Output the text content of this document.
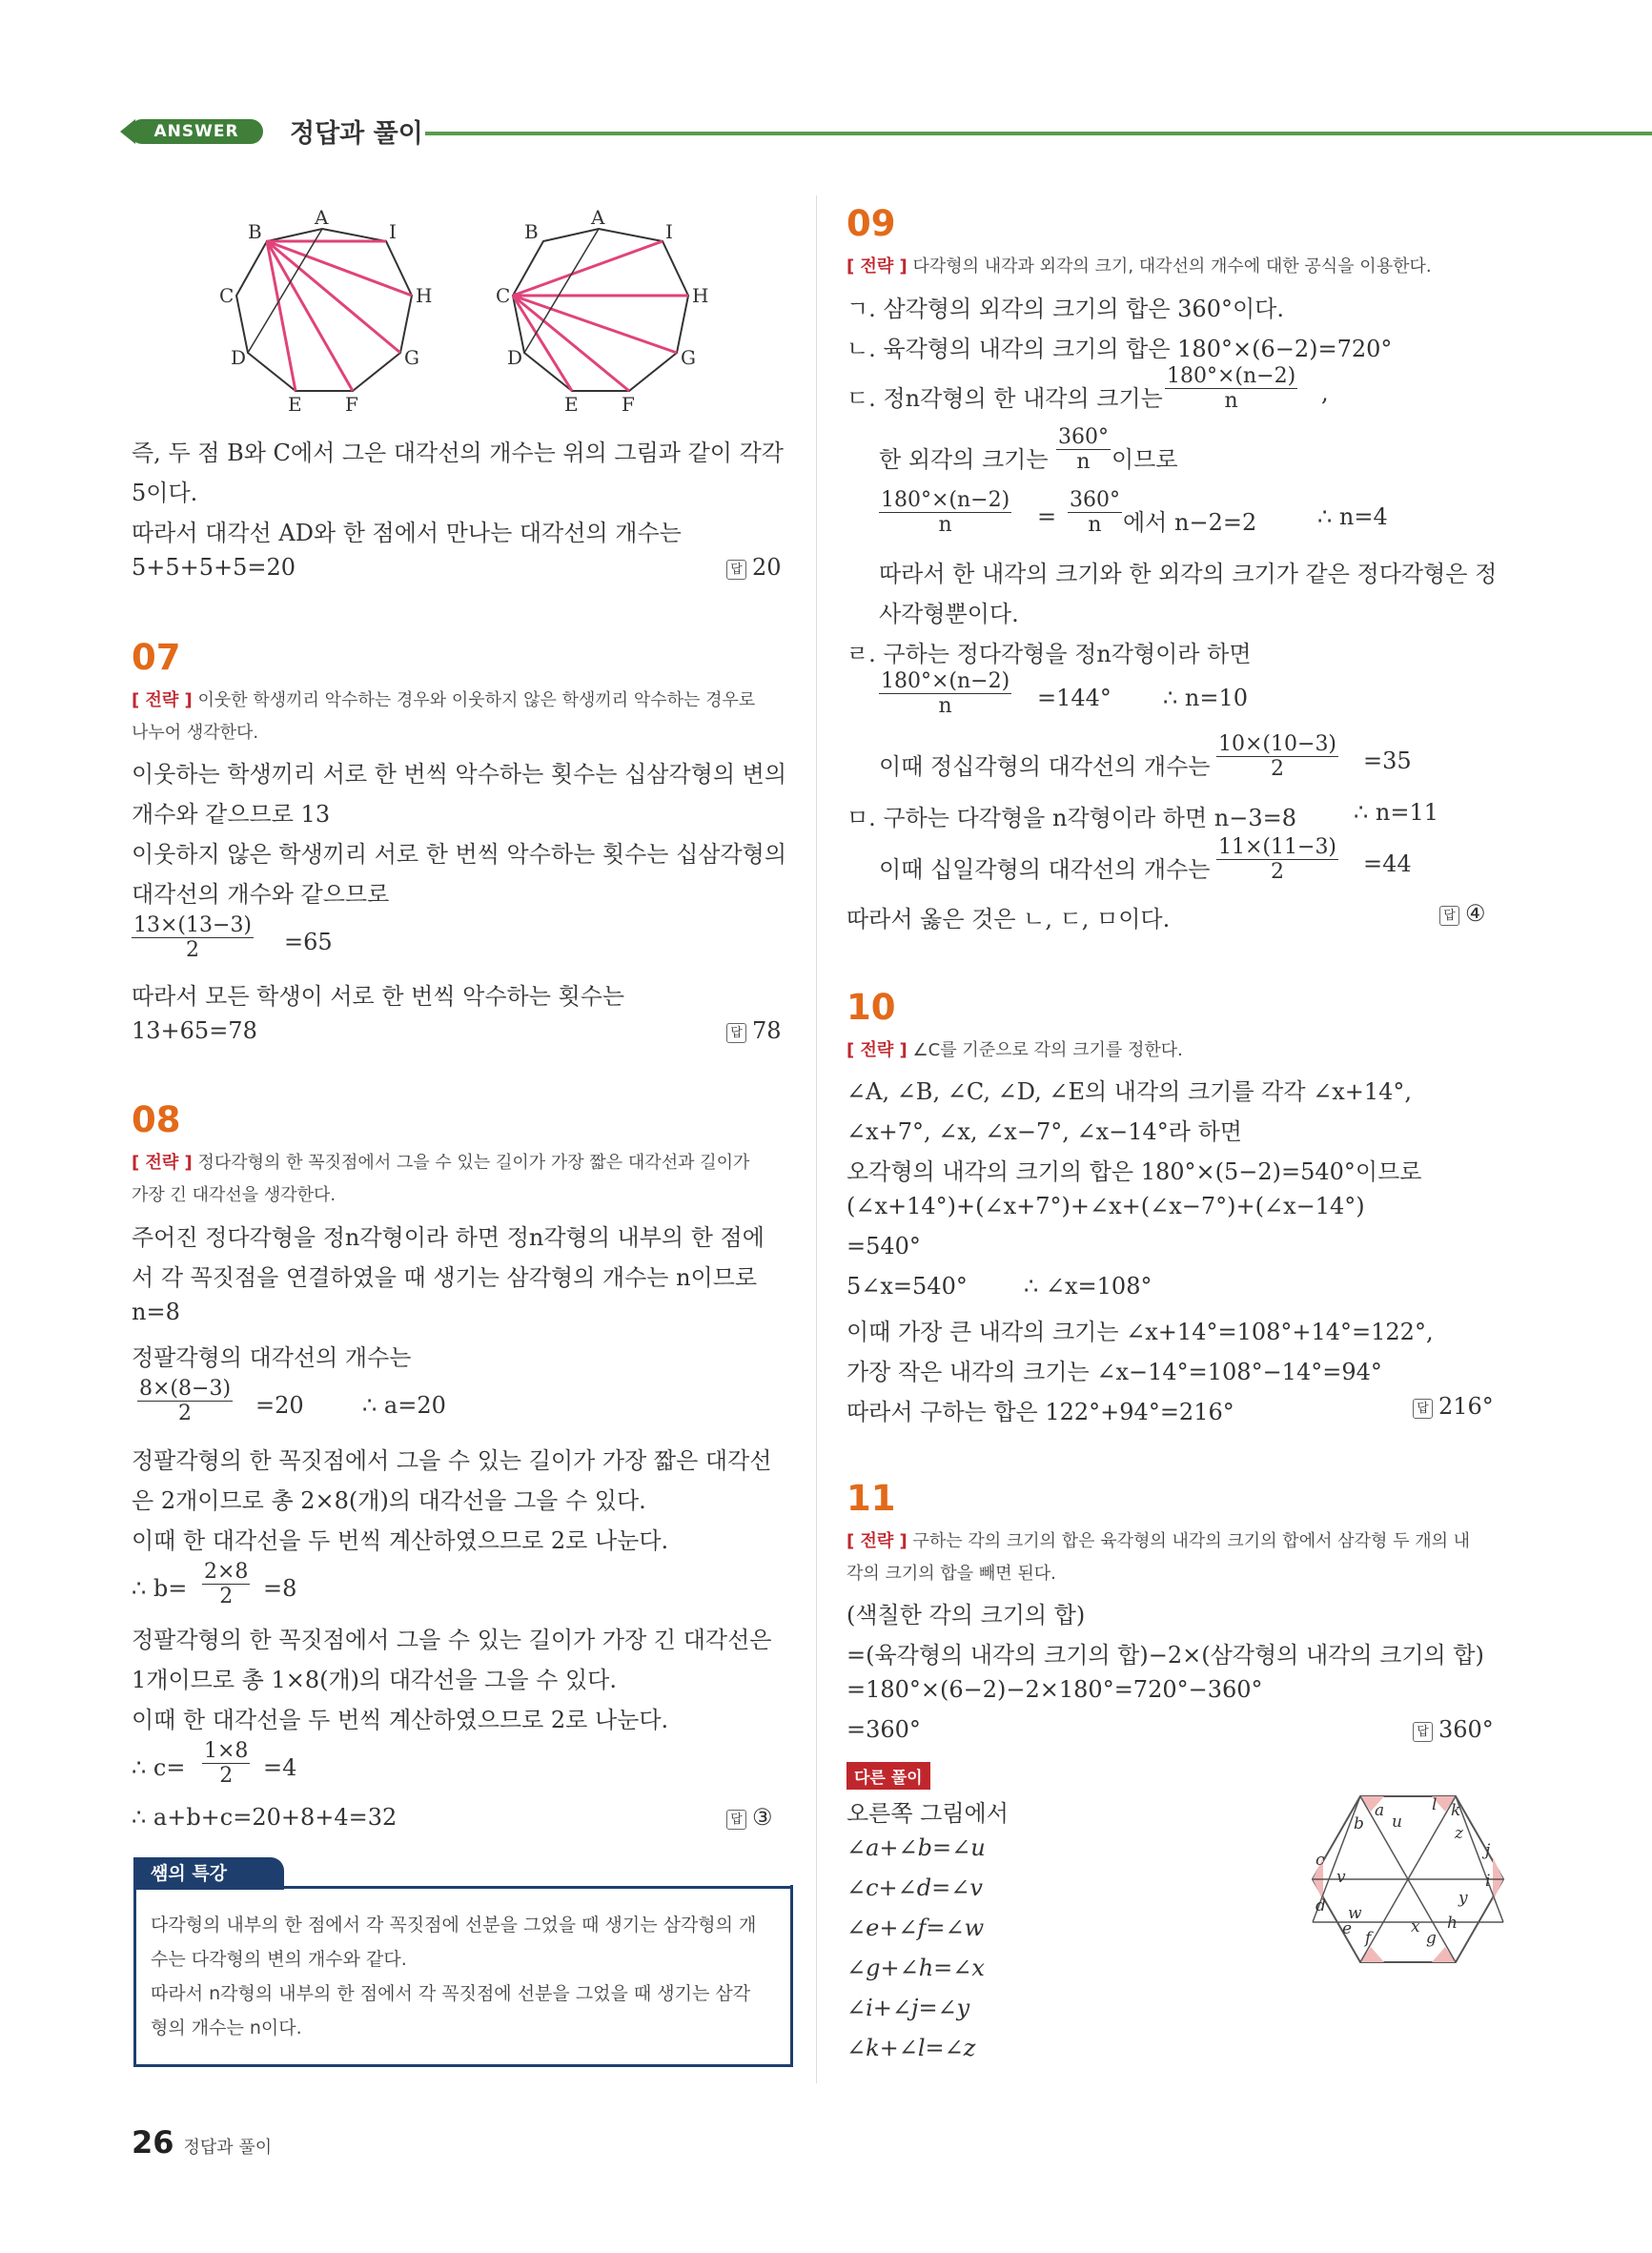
ANSWER	정답과 풀이
A
I
H
G
F
E
D
C
B
A
I
H
G
F
E
D
C
B
즉, 두 점 B와 C에서 그은 대각선의 개수는 위의 그림과 같이 각각
5이다.
따라서 대각선 AD와 한 점에서 만나는 대각선의 개수는
5+5+5+5=20	답 20
07
[ 전략 ] 이웃한 학생끼리 악수하는 경우와 이웃하지 않은 학생끼리 악수하는 경우로
나누어 생각한다.
이웃하는 학생끼리 서로 한 번씩 악수하는 횟수는 십삼각형의 변의
개수와 같으므로 13
이웃하지 않은 학생끼리 서로 한 번씩 악수하는 횟수는 십삼각형의
대각선의 개수와 같으므로
$\frac{13\times(13-3)}{2} =65$
따라서 모든 학생이 서로 한 번씩 악수하는 횟수는
13+65=78	답 78
08
[ 전략 ] 정다각형의 한 꼭짓점에서 그을 수 있는 길이가 가장 짧은 대각선과 길이가
가장 긴 대각선을 생각한다.
주어진 정다각형을 정n각형이라 하면 정n각형의 내부의 한 점에
서 각 꼭짓점을 연결하였을 때 생기는 삼각형의 개수는 n이므로
n=8
정팔각형의 대각선의 개수는
$\frac{8\times(8-3)}{2} =20$	∴ a=20
정팔각형의 한 꼭짓점에서 그을 수 있는 길이가 가장 짧은 대각선
은 2개이므로 총 2×8(개)의 대각선을 그을 수 있다.
이때 한 대각선을 두 번씩 계산하였으므로 2로 나눈다.
∴ $b= \frac{2\times 8}{2} =8$
정팔각형의 한 꼭짓점에서 그을 수 있는 길이가 가장 긴 대각선은
1개이므로 총 1×8(개)의 대각선을 그을 수 있다.
이때 한 대각선을 두 번씩 계산하였으므로 2로 나눈다.
∴ $c= \frac{1\times 8}{2} =4$
∴ a+b+c=20+8+4=32	답 ③
쌤의 특강
다각형의 내부의 한 점에서 각 꼭짓점에 선분을 그었을 때 생기는 삼각형의 개
수는 다각형의 변의 개수와 같다.
따라서 n각형의 내부의 한 점에서 각 꼭짓점에 선분을 그었을 때 생기는 삼각
형의 개수는 n이다.
09
[ 전략 ] 다각형의 내각과 외각의 크기, 대각선의 개수에 대한 공식을 이용한다.
ㄱ. 삼각형의 외각의 크기의 합은 360°이다.
ㄴ. 육각형의 내각의 크기의 합은 180°×(6−2)=720°
ㄷ. 정n각형의 한 내각의 크기는 $\frac{180^\circ\times(n-2)}{n}$ ,
한 외각의 크기는 $\frac{360^\circ}{n}$ 이므로
$\frac{180^\circ\times(n-2)}{n} = \frac{360^\circ}{n}$ 에서 n−2=2	∴ n=4
따라서 한 내각의 크기와 한 외각의 크기가 같은 정다각형은 정
사각형뿐이다.
ㄹ. 구하는 정다각형을 정n각형이라 하면
$\frac{180^\circ\times(n-2)}{n} =144^\circ$ ∴ n=10
이때 정십각형의 대각선의 개수는 $\frac{10\times(10-3)}{2} =35$
ㅁ. 구하는 다각형을 n각형이라 하면 n−3=8 ∴ n=11
이때 십일각형의 대각선의 개수는 $\frac{11\times(11-3)}{2} =44$
따라서 옳은 것은 ㄴ, ㄷ, ㅁ이다.	답 ④
10
[ 전략 ] ∠C를 기준으로 각의 크기를 정한다.
∠A, ∠B, ∠C, ∠D, ∠E의 내각의 크기를 각각 ∠x+14°,
∠x+7°, ∠x, ∠x−7°, ∠x−14°라 하면
오각형의 내각의 크기의 합은 180°×(5−2)=540°이므로
(∠x+14°)+(∠x+7°)+∠x+(∠x−7°)+(∠x−14°)
=540°
5∠x=540° ∴ ∠x=108°
이때 가장 큰 내각의 크기는 ∠x+14°=108°+14°=122°,
가장 작은 내각의 크기는 ∠x−14°=108°−14°=94°
따라서 구하는 합은 122°+94°=216°	답 216°
11
[ 전략 ] 구하는 각의 크기의 합은 육각형의 내각의 크기의 합에서 삼각형 두 개의 내
각의 크기의 합을 빼면 된다.
(색칠한 각의 크기의 합)
=(육각형의 내각의 크기의 합)−2×(삼각형의 내각의 크기의 합)
=180°×(6−2)−2×180°=720°−360°
=360°	답 360°
다른 풀이
오른쪽 그림에서
∠a+∠b=∠u
∠c+∠d=∠v
∠e+∠f=∠w
∠g+∠h=∠x
∠i+∠j=∠y
∠k+∠l=∠z
a
b
c
d
e f	g
h
i
j
k
l
u
v
w
x
y
z
26 정답과 풀이
